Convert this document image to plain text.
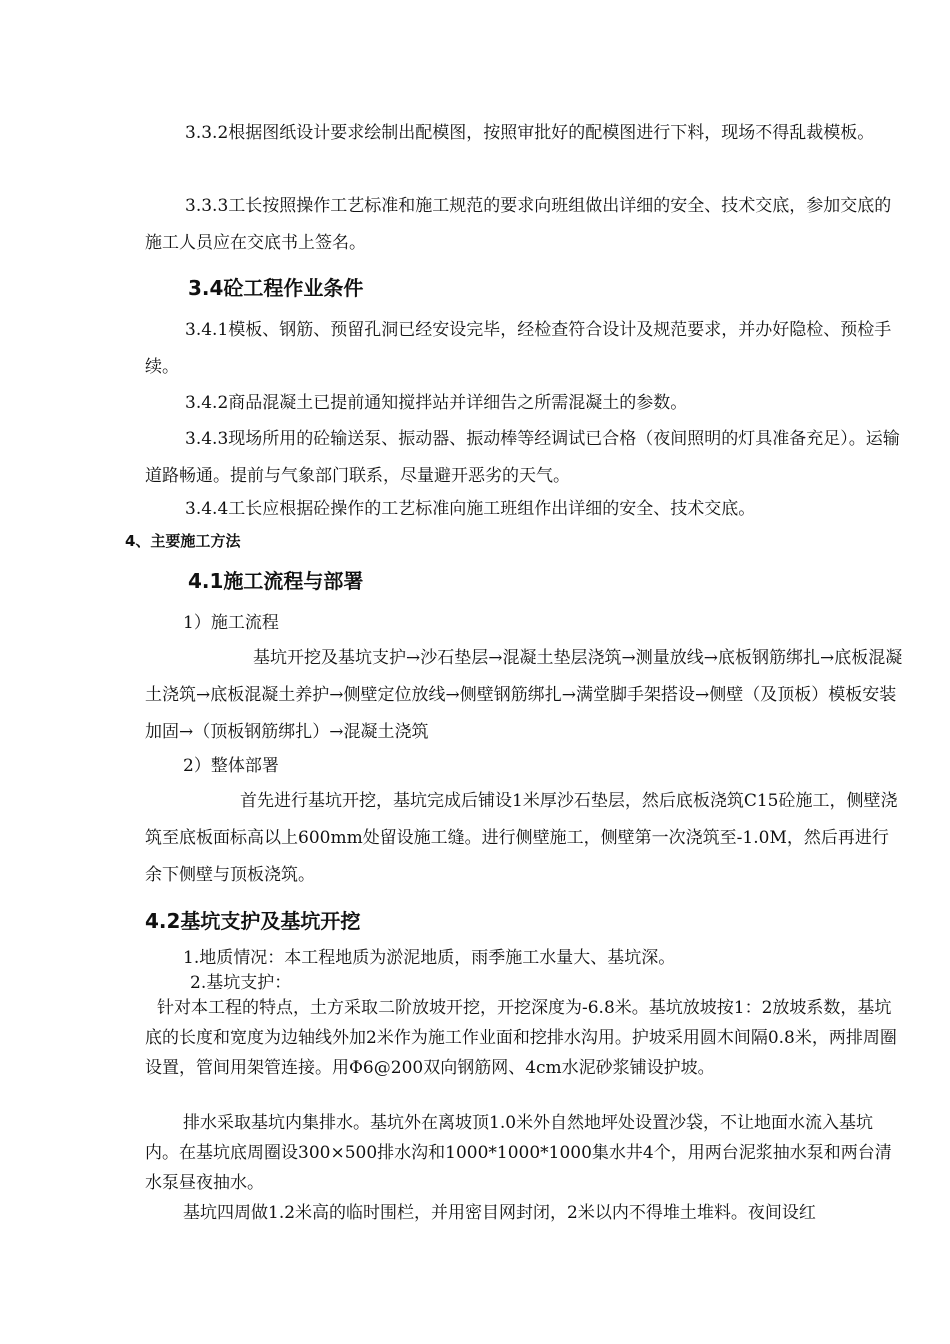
3.3.2根据图纸设计要求绘制出配模图，按照审批好的配模图进行下料，现场不得乱裁模板。

3.3.3工长按照操作工艺标准和施工规范的要求向班组做出详细的安全、技术交底，参加交底的施工人员应在交底书上签名。

3.4砼工程作业条件

3.4.1模板、钢筋、预留孔洞已经安设完毕，经检查符合设计及规范要求，并办好隐检、预检手续。

3.4.2商品混凝土已提前通知搅拌站并详细告之所需混凝土的参数。

3.4.3现场所用的砼输送泵、振动器、振动棒等经调试已合格（夜间照明的灯具准备充足）。运输道路畅通。提前与气象部门联系，尽量避开恶劣的天气。

3.4.4工长应根据砼操作的工艺标准向施工班组作出详细的安全、技术交底。

4、主要施工方法
4.1施工流程与部署

1）施工流程

基坑开挖及基坑支护→沙石垫层→混凝土垫层浇筑→测量放线→底板钢筋绑扎→底板混凝土浇筑→底板混凝土养护→侧壁定位放线→侧壁钢筋绑扎→满堂脚手架搭设→侧壁（及顶板）模板安装加固→（顶板钢筋绑扎）→混凝土浇筑

2）整体部署

首先进行基坑开挖，基坑完成后铺设1米厚沙石垫层，然后底板浇筑C15砼施工，侧壁浇筑至底板面标高以上600mm处留设施工缝。进行侧壁施工，侧壁第一次浇筑至-1.0M，然后再进行余下侧壁与顶板浇筑。

4.2基坑支护及基坑开挖

1.地质情况：本工程地质为淤泥地质，雨季施工水量大、基坑深。

2.基坑支护：

针对本工程的特点，土方采取二阶放坡开挖，开挖深度为-6.8米。基坑放坡按1：2放坡系数，基坑底的长度和宽度为边轴线外加2米作为施工作业面和挖排水沟用。护坡采用圆木间隔0.8米，两排周圈设置，管间用架管连接。用Φ6@200双向钢筋网、4cm水泥砂浆铺设护坡。

排水采取基坑内集排水。基坑外在离坡顶1.0米外自然地坪处设置沙袋，不让地面水流入基坑内。在基坑底周圈设300×500排水沟和1000*1000*1000集水井4个，用两台泥浆抽水泵和两台清水泵昼夜抽水。

基坑四周做1.2米高的临时围栏，并用密目网封闭，2米以内不得堆土堆料。夜间设红
